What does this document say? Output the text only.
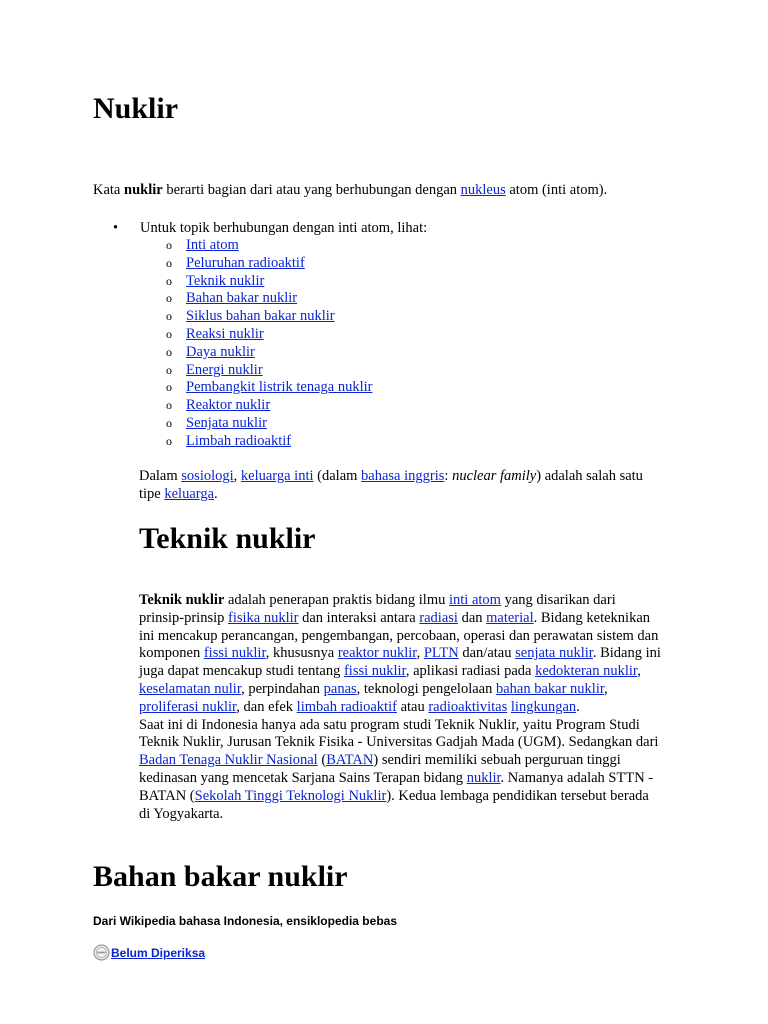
Nuklir

Kata nuklir berarti bagian dari atau yang berhubungan dengan nukleus atom (inti atom).

• Untuk topik berhubungan dengan inti atom, lihat:
o Inti atom
o Peluruhan radioaktif
o Teknik nuklir
o Bahan bakar nuklir
o Siklus bahan bakar nuklir
o Reaksi nuklir
o Daya nuklir
o Energi nuklir
o Pembangkit listrik tenaga nuklir
o Reaktor nuklir
o Senjata nuklir
o Limbah radioaktif

Dalam sosiologi, keluarga inti (dalam bahasa inggris: nuclear family) adalah salah satu tipe keluarga.

Teknik nuklir
Teknik nuklir adalah penerapan praktis bidang ilmu inti atom yang disarikan dari prinsip-prinsip fisika nuklir dan interaksi antara radiasi dan material. Bidang keteknikan ini mencakup perancangan, pengembangan, percobaan, operasi dan perawatan sistem dan komponen fissi nuklir, khususnya reaktor nuklir, PLTN dan/atau senjata nuklir. Bidang ini juga dapat mencakup studi tentang fissi nuklir, aplikasi radiasi pada kedokteran nuklir, keselamatan nulir, perpindahan panas, teknologi pengelolaan bahan bakar nuklir, proliferasi nuklir, dan efek limbah radioaktif atau radioaktivitas lingkungan.
Saat ini di Indonesia hanya ada satu program studi Teknik Nuklir, yaitu Program Studi Teknik Nuklir, Jurusan Teknik Fisika - Universitas Gadjah Mada (UGM). Sedangkan dari Badan Tenaga Nuklir Nasional (BATAN) sendiri memiliki sebuah perguruan tinggi kedinasan yang mencetak Sarjana Sains Terapan bidang nuklir. Namanya adalah STTN - BATAN (Sekolah Tinggi Teknologi Nuklir). Kedua lembaga pendidikan tersebut berada di Yogyakarta.
Bahan bakar nuklir
Dari Wikipedia bahasa Indonesia, ensiklopedia bebas
Belum Diperiksa
